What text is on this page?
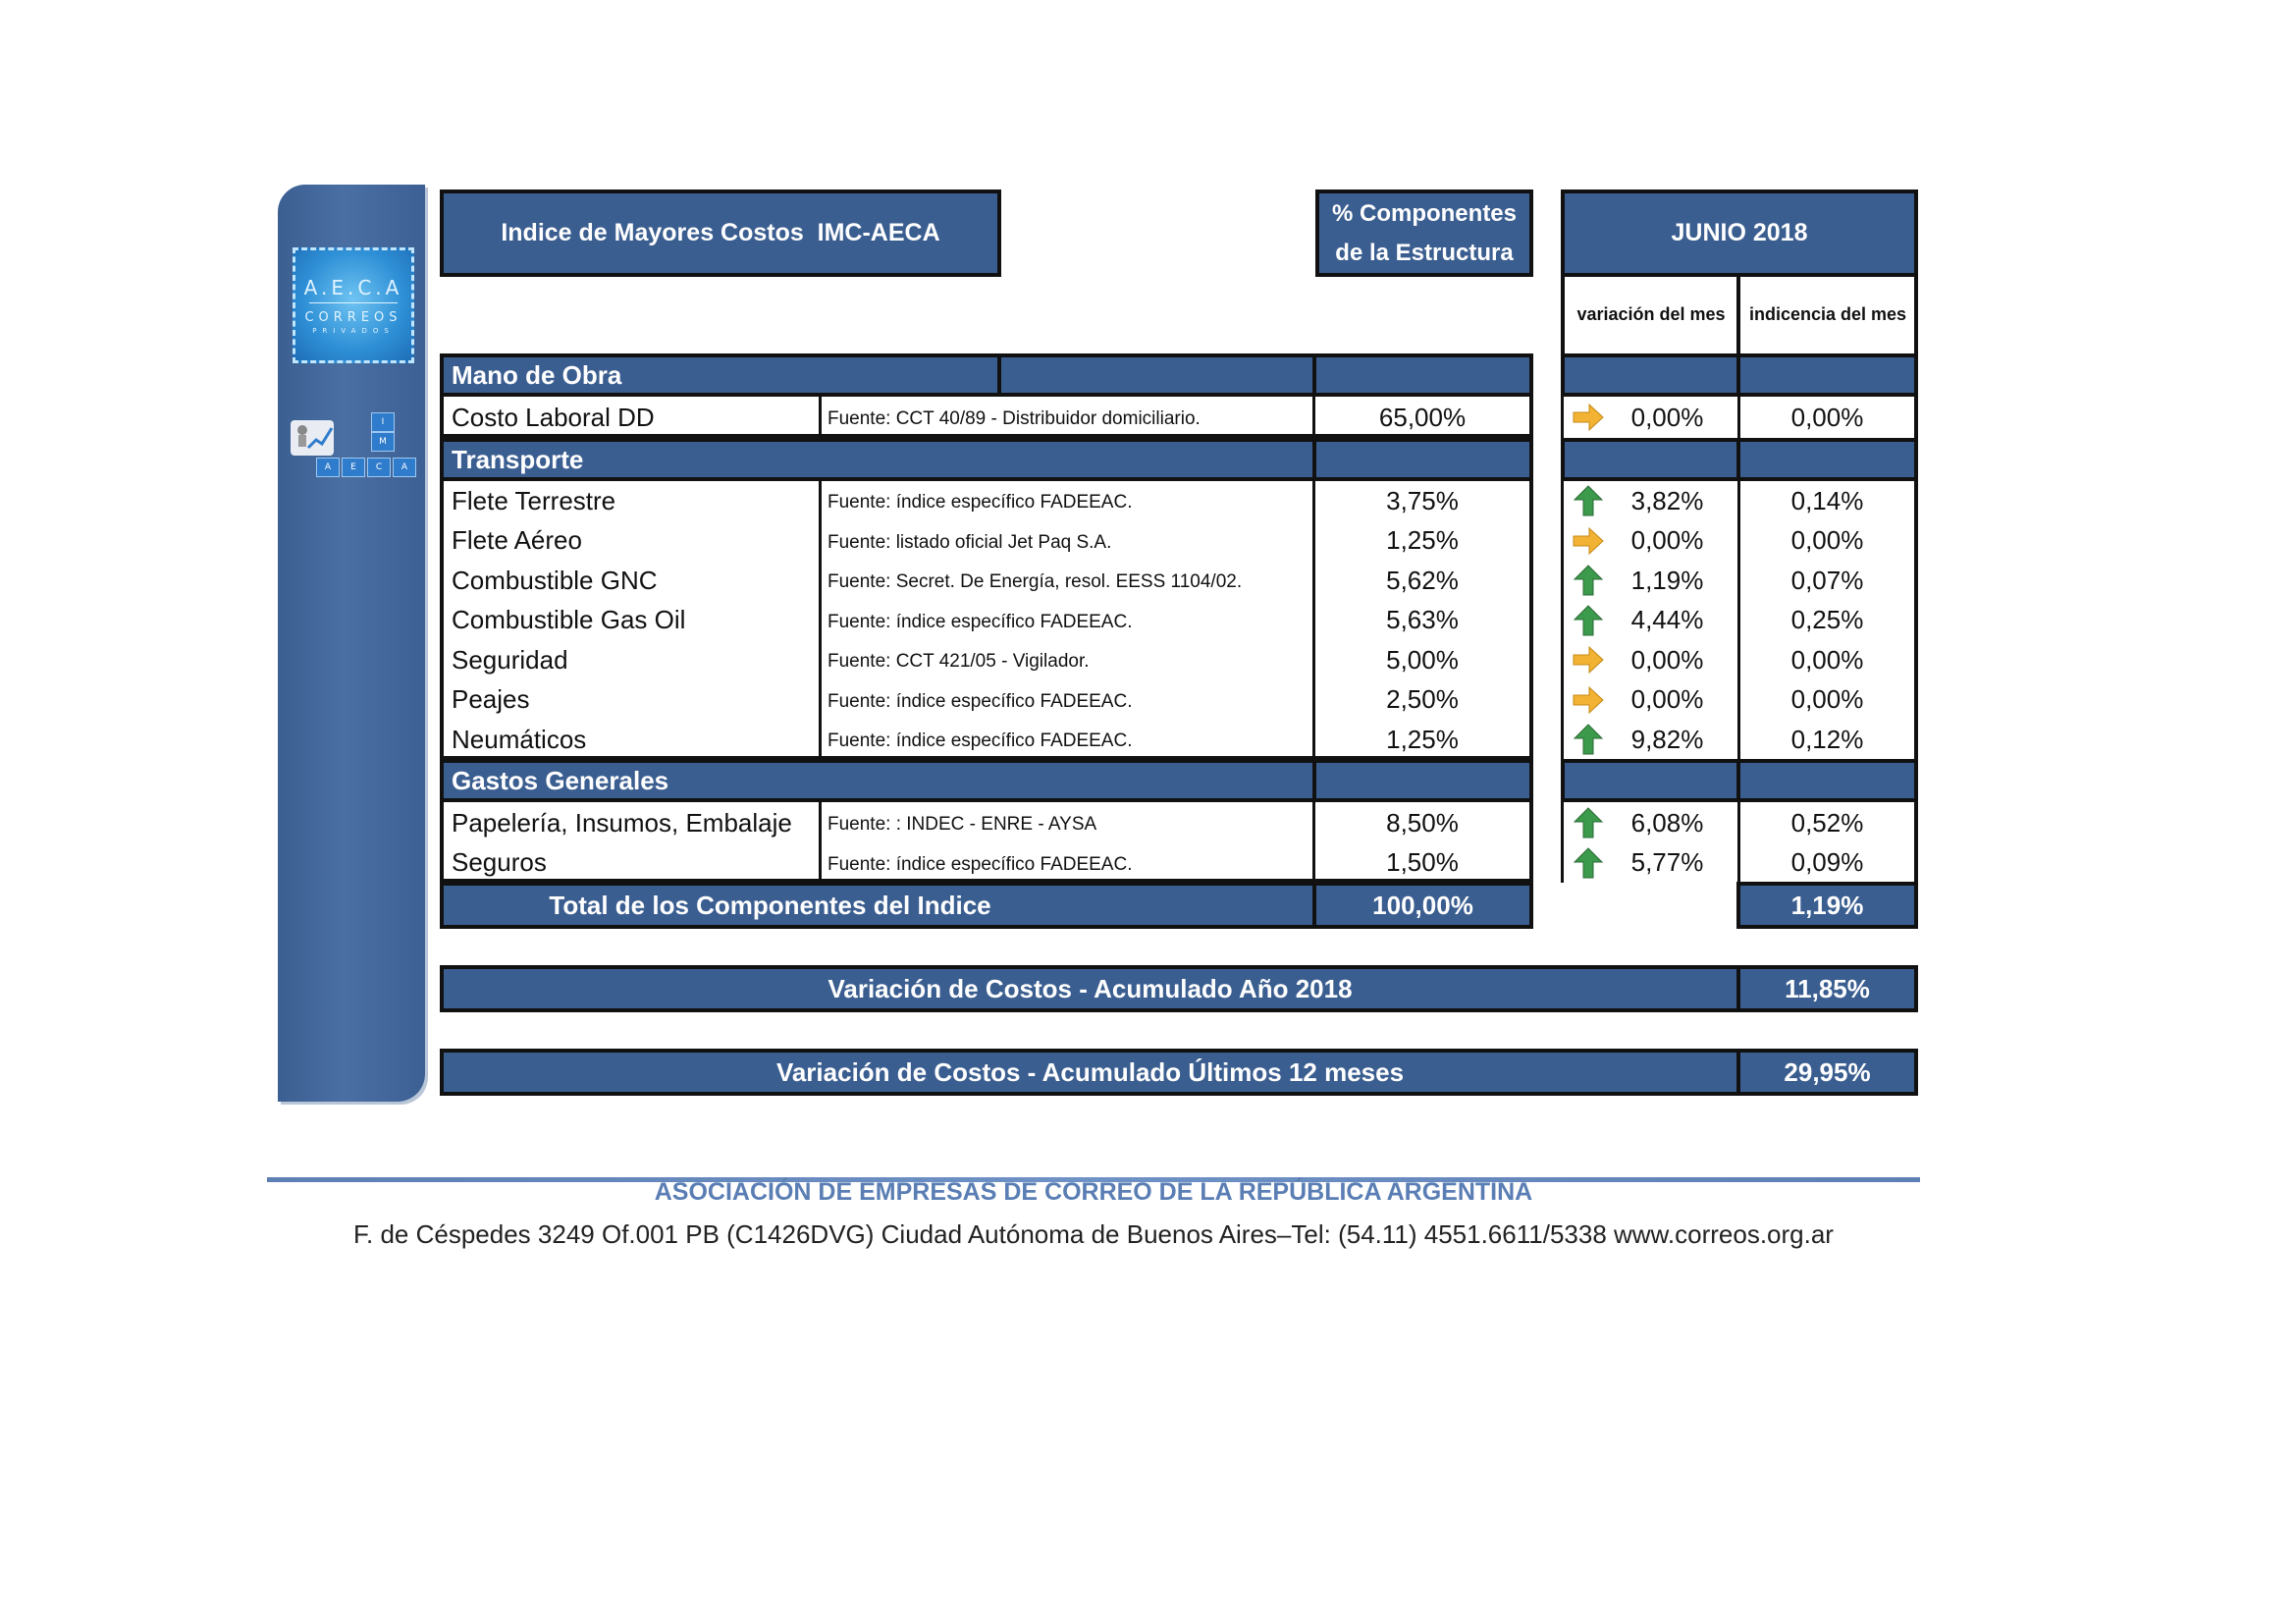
A.E.C.A
CORREOS
PRIVADOS
I
M
A	E	C	A
Indice de Mayores Costos  IMC-AECA
% Componentes
de la Estructura
JUNIO 2018
variación del mes	indicencia del mes
Mano de Obra
Costo Laboral DD	Fuente: CCT 40/89 - Distribuidor domiciliario.	65,00%	0,00%	0,00%
Transporte
Flete Terrestre	Fuente: índice específico FADEEAC.	3,75%	3,82%	0,14%
Flete Aéreo	Fuente: listado oficial Jet Paq S.A.	1,25%	0,00%	0,00%
Combustible GNC	Fuente: Secret. De Energía, resol. EESS 1104/02.	5,62%	1,19%	0,07%
Combustible Gas Oil	Fuente: índice específico FADEEAC.	5,63%	4,44%	0,25%
Seguridad	Fuente: CCT 421/05 - Vigilador.	5,00%	0,00%	0,00%
Peajes	Fuente: índice específico FADEEAC.	2,50%	0,00%	0,00%
Neumáticos	Fuente: índice específico FADEEAC.	1,25%	9,82%	0,12%
Gastos Generales
Papelería, Insumos, Embalaje	Fuente: : INDEC - ENRE - AYSA	8,50%	6,08%	0,52%
Seguros	Fuente: índice específico FADEEAC.	1,50%	5,77%	0,09%
Total de los Componentes del Indice	100,00%	1,19%
Variación de Costos - Acumulado Año 2018	11,85%
Variación de Costos - Acumulado Últimos 12 meses	29,95%
ASOCIACIÓN DE EMPRESAS DE CORREO DE LA REPÚBLICA ARGENTINA
F. de Céspedes 3249 Of.001 PB (C1426DVG) Ciudad Autónoma de Buenos Aires–Tel: (54.11) 4551.6611/5338 www.correos.org.ar
